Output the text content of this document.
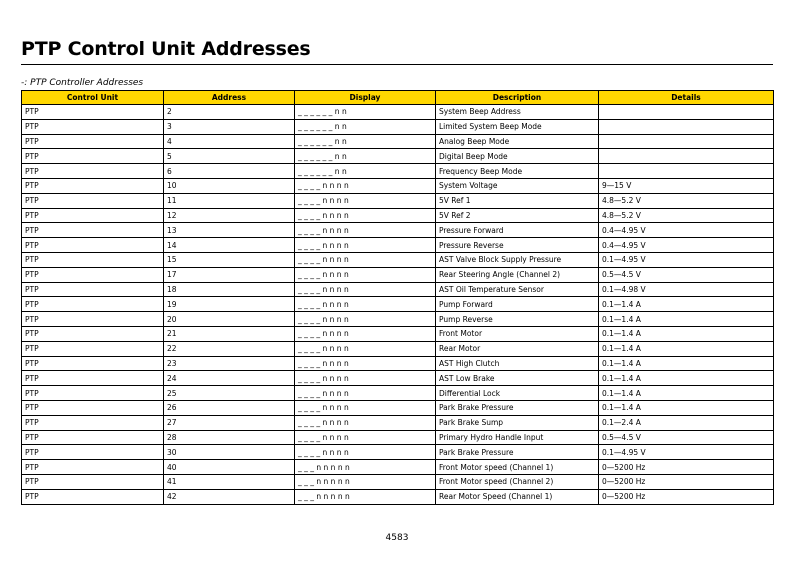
PTP Control Unit Addresses
-: PTP Controller Addresses
Control Unit	Address	Display	Description	Details
PTP	2	_ _ _ _ _ _ n n	System Beep Address	
PTP	3	_ _ _ _ _ _ n n	Limited System Beep Mode	
PTP	4	_ _ _ _ _ _ n n	Analog Beep Mode	
PTP	5	_ _ _ _ _ _ n n	Digital Beep Mode	
PTP	6	_ _ _ _ _ _ n n	Frequency Beep Mode	
PTP	10	_ _ _ _ n n n n	System Voltage	9—15 V
PTP	11	_ _ _ _ n n n n	5V Ref 1	4.8—5.2 V
PTP	12	_ _ _ _ n n n n	5V Ref 2	4.8—5.2 V
PTP	13	_ _ _ _ n n n n	Pressure Forward	0.4—4.95 V
PTP	14	_ _ _ _ n n n n	Pressure Reverse	0.4—4.95 V
PTP	15	_ _ _ _ n n n n	AST Valve Block Supply Pressure	0.1—4.95 V
PTP	17	_ _ _ _ n n n n	Rear Steering Angle (Channel 2)	0.5—4.5 V
PTP	18	_ _ _ _ n n n n	AST Oil Temperature Sensor	0.1—4.98 V
PTP	19	_ _ _ _ n n n n	Pump Forward	0.1—1.4 A
PTP	20	_ _ _ _ n n n n	Pump Reverse	0.1—1.4 A
PTP	21	_ _ _ _ n n n n	Front Motor	0.1—1.4 A
PTP	22	_ _ _ _ n n n n	Rear Motor	0.1—1.4 A
PTP	23	_ _ _ _ n n n n	AST High Clutch	0.1—1.4 A
PTP	24	_ _ _ _ n n n n	AST Low Brake	0.1—1.4 A
PTP	25	_ _ _ _ n n n n	Differential Lock	0.1—1.4 A
PTP	26	_ _ _ _ n n n n	Park Brake Pressure	0.1—1.4 A
PTP	27	_ _ _ _ n n n n	Park Brake Sump	0.1—2.4 A
PTP	28	_ _ _ _ n n n n	Primary Hydro Handle Input	0.5—4.5 V
PTP	30	_ _ _ _ n n n n	Park Brake Pressure	0.1—4.95 V
PTP	40	_ _ _ n n n n n	Front Motor speed (Channel 1)	0—5200 Hz
PTP	41	_ _ _ n n n n n	Front Motor speed (Channel 2)	0—5200 Hz
PTP	42	_ _ _ n n n n n	Rear Motor Speed (Channel 1)	0—5200 Hz
4583
